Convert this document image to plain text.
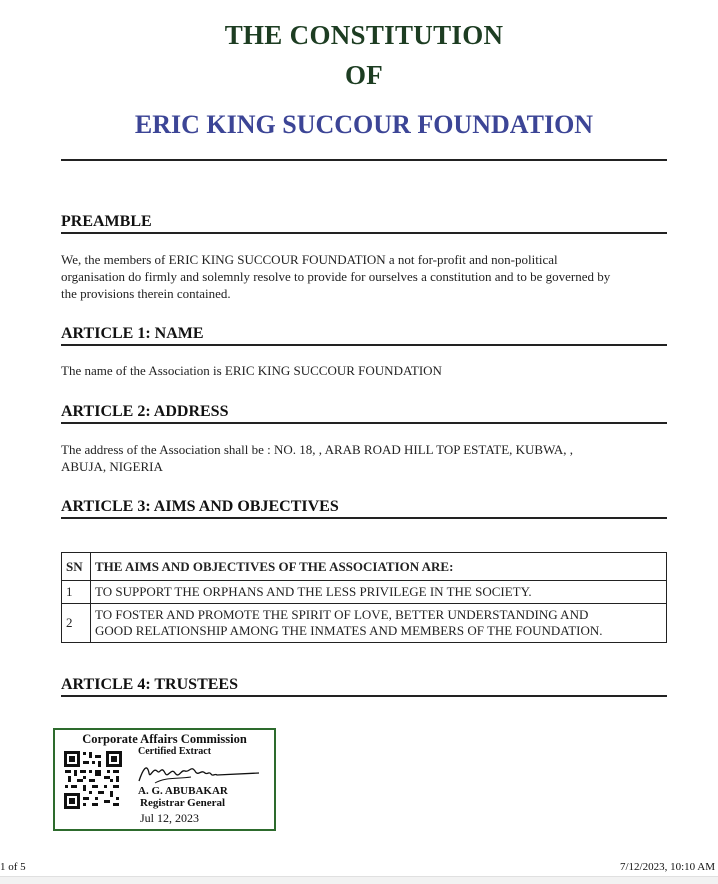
THE CONSTITUTION
OF
ERIC KING SUCCOUR FOUNDATION
PREAMBLE
We, the members of ERIC KING SUCCOUR FOUNDATION a not for-profit and non-political
organisation do firmly and solemnly resolve to provide for ourselves a constitution and to be governed by
the provisions therein contained.
ARTICLE 1: NAME
The name of the Association is ERIC KING SUCCOUR FOUNDATION
ARTICLE 2: ADDRESS
The address of the Association shall be : NO. 18, , ARAB ROAD HILL TOP ESTATE, KUBWA, ,
ABUJA, NIGERIA
ARTICLE 3: AIMS AND OBJECTIVES
SN	THE AIMS AND OBJECTIVES OF THE ASSOCIATION ARE:
1	TO SUPPORT THE ORPHANS AND THE LESS PRIVILEGE IN THE SOCIETY.
2	TO FOSTER AND PROMOTE THE SPIRIT OF LOVE, BETTER UNDERSTANDING AND
GOOD RELATIONSHIP AMONG THE INMATES AND MEMBERS OF THE FOUNDATION.
ARTICLE 4: TRUSTEES
Corporate Affairs Commission
Certified Extract
A. G. ABUBAKAR
Registrar General
Jul 12, 2023
1 of 5	7/12/2023, 10:10 AM
